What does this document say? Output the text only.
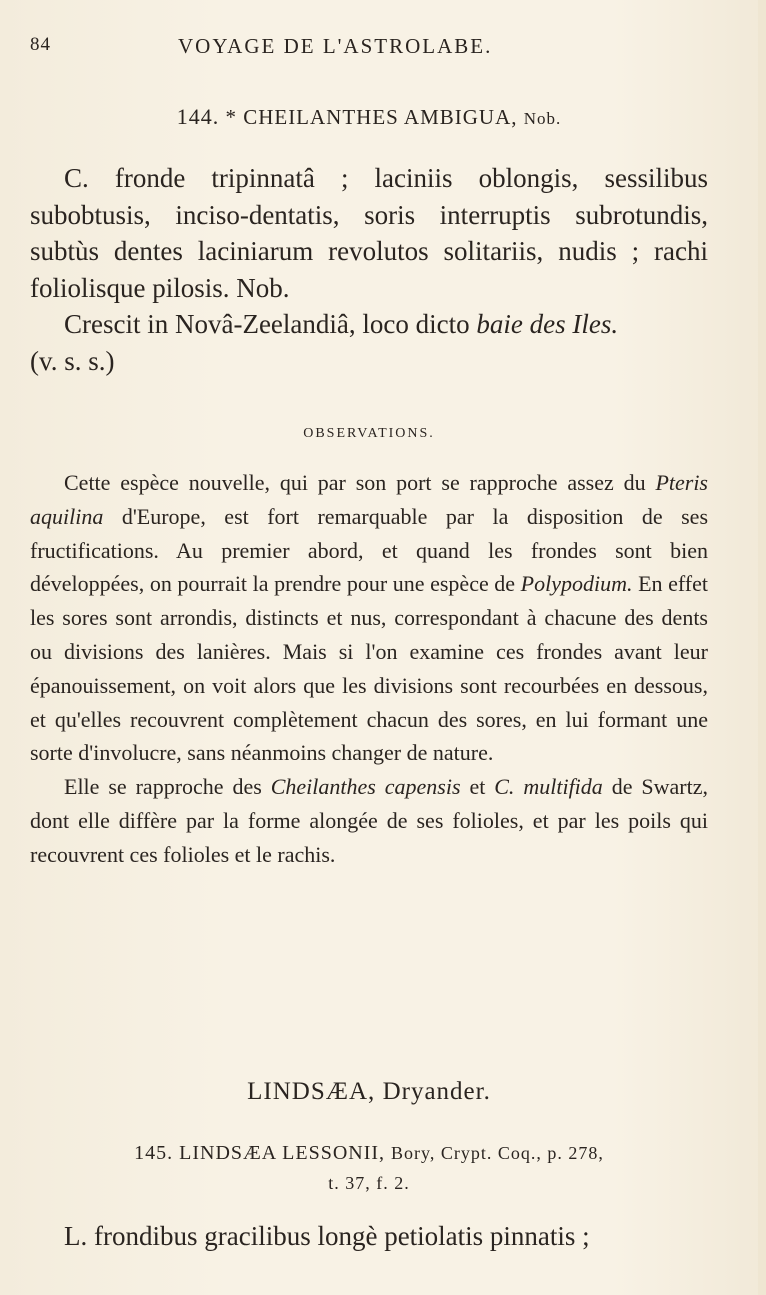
84	VOYAGE DE L'ASTROLABE.
144. * CHEILANTHES AMBIGUA, Nob.

C. fronde tripinnatâ ; laciniis oblongis, sessilibus subobtusis, inciso-dentatis, soris interruptis subrotundis, subtùs dentes laciniarum revolutos solitariis, nudis ; rachi foliolisque pilosis. Nob.

Crescit in Novâ-Zeelandiâ, loco dicto baie des Iles.

(v. s. s.)

OBSERVATIONS.

Cette espèce nouvelle, qui par son port se rapproche assez du Pteris aquilina d'Europe, est fort remarquable par la disposition de ses fructifications. Au premier abord, et quand les frondes sont bien développées, on pourrait la prendre pour une espèce de Polypodium. En effet les sores sont arrondis, distincts et nus, correspondant à chacune des dents ou divisions des lanières. Mais si l'on examine ces frondes avant leur épanouissement, on voit alors que les divisions sont recourbées en dessous, et qu'elles recouvrent complètement chacun des sores, en lui formant une sorte d'involucre, sans néanmoins changer de nature.

Elle se rapproche des Cheilanthes capensis et C. multifida de Swartz, dont elle diffère par la forme alongée de ses folioles, et par les poils qui recouvrent ces folioles et le rachis.

LINDSÆA, Dryander.
145. LINDSÆA LESSONII, Bory, Crypt. Coq., p. 278,
t. 37, f. 2.
L. frondibus gracilibus longè petiolatis pinnatis ;
